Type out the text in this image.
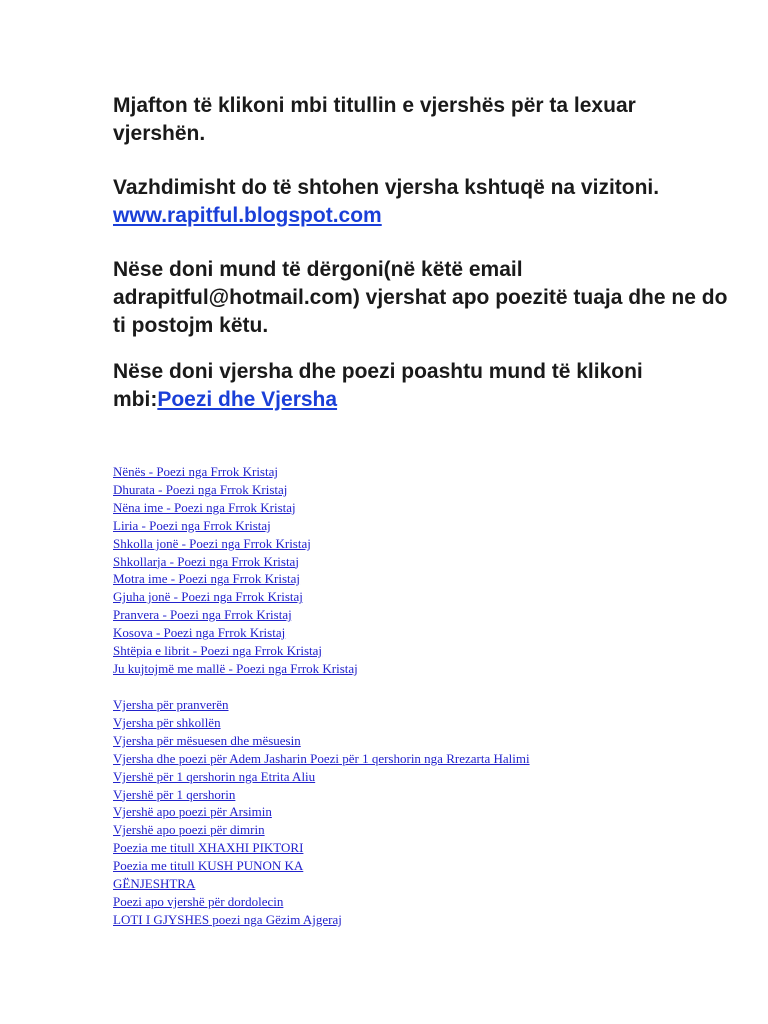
Mjafton të klikoni mbi titullin e vjershës për ta lexuar vjershën.

Vazhdimisht do të shtohen vjersha kshtuqë na vizitoni. www.rapitful.blogspot.com

Nëse doni mund të dërgoni(në këtë email adrapitful@hotmail.com) vjershat apo poezitë tuaja dhe ne do ti postojm këtu.

Nëse doni vjersha dhe poezi poashtu mund të klikoni mbi:Poezi dhe Vjersha

Nënës - Poezi nga Frrok Kristaj
Dhurata - Poezi nga Frrok Kristaj
Nëna ime - Poezi nga Frrok Kristaj
Liria - Poezi nga Frrok Kristaj
Shkolla jonë - Poezi nga Frrok Kristaj
Shkollarja - Poezi nga Frrok Kristaj
Motra ime - Poezi nga Frrok Kristaj
Gjuha jonë - Poezi nga Frrok Kristaj
Pranvera - Poezi nga Frrok Kristaj
Kosova - Poezi nga Frrok Kristaj
Shtëpia e librit - Poezi nga Frrok Kristaj
Ju kujtojmë me mallë - Poezi nga Frrok Kristaj
Vjersha për pranverën
Vjersha për shkollën
Vjersha për mësuesen dhe mësuesin
Vjersha dhe poezi për Adem Jasharin Poezi për 1 qershorin nga Rrezarta Halimi
Vjershë për 1 qershorin nga Etrita Aliu
Vjershë për 1 qershorin
Vjershë apo poezi për Arsimin
Vjershë apo poezi për dimrin
Poezia me titull XHAXHI PIKTORI
Poezia me titull KUSH PUNON KA
GËNJESHTRA
Poezi apo vjershë për dordolecin
LOTI I GJYSHES poezi nga Gëzim Ajgeraj
